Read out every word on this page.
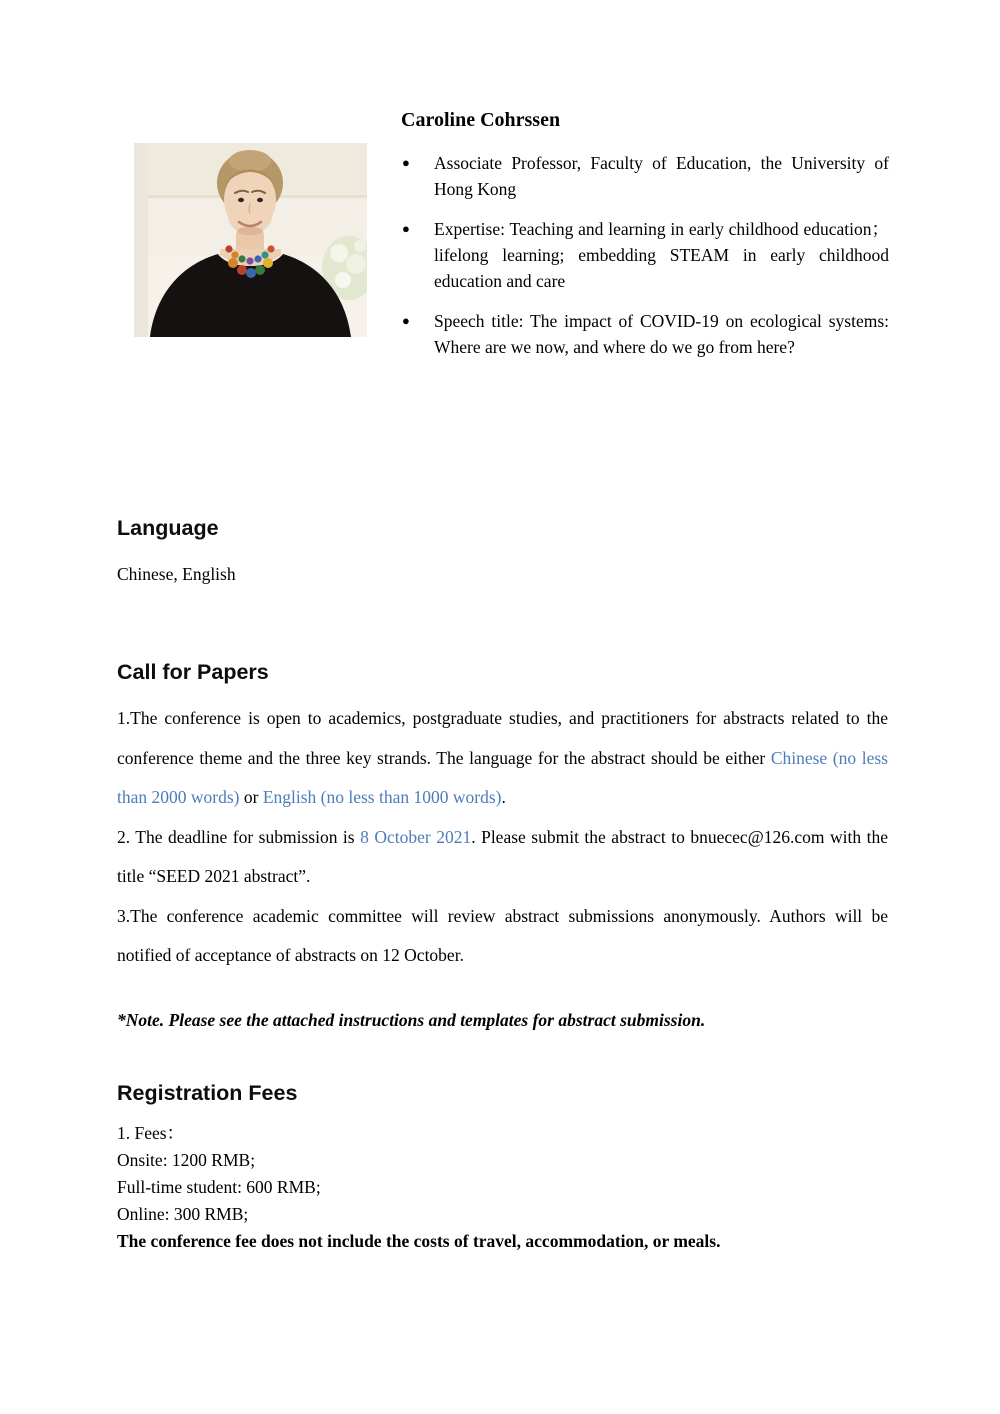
Caroline Cohrssen
● Associate Professor, Faculty of Education, the University of Hong Kong
● Expertise: Teaching and learning in early childhood education；lifelong learning; embedding STEAM in early childhood education and care
● Speech title: The impact of COVID-19 on ecological systems: Where are we now, and where do we go from here?
Language
Chinese, English
Call for Papers

1.The conference is open to academics, postgraduate studies, and practitioners for abstracts related to the conference theme and the three key strands. The language for the abstract should be either Chinese (no less than 2000 words) or English (no less than 1000 words).

2. The deadline for submission is 8 October 2021. Please submit the abstract to bnuecec@126.com with the title “SEED 2021 abstract”.

3.The conference academic committee will review abstract submissions anonymously. Authors will be notified of acceptance of abstracts on 12 October.

*Note. Please see the attached instructions and templates for abstract submission.
Registration Fees

1. Fees：

Onsite: 1200 RMB;

Full-time student: 600 RMB;

Online: 300 RMB;

The conference fee does not include the costs of travel, accommodation, or meals.
